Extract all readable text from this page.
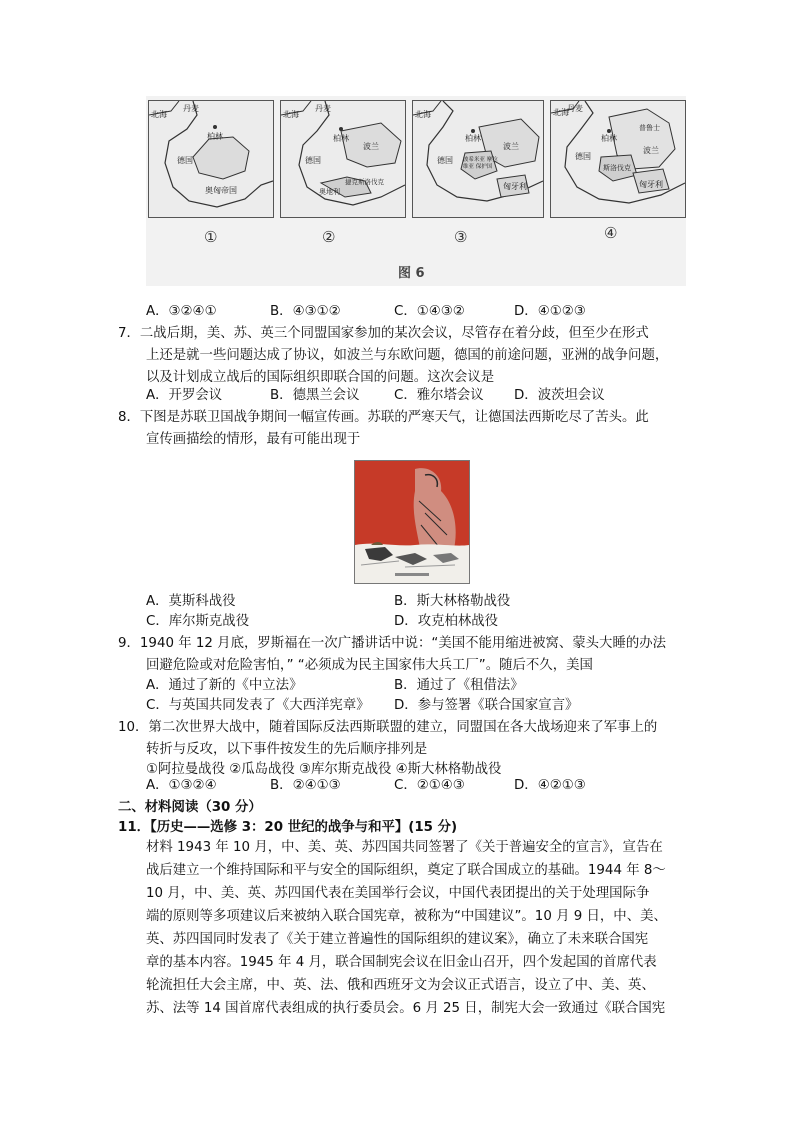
北海
丹麦
柏林
德国
奥匈帝国
北海
丹麦
柏林
德国
波兰
奥地利
捷克斯洛伐克
北海
柏林
德国
波兰
波希米亚 摩拉维亚 保护国
匈牙利
北海
丹麦
柏林
德国
波兰
普鲁士
斯洛伐克
匈牙利
①	②	③	④
图 6
A．③②④①	B．④③①②	C．①④③②	D．④①②③
7．二战后期，美、苏、英三个同盟国家参加的某次会议，尽管存在着分歧，但至少在形式
上还是就一些问题达成了协议，如波兰与东欧问题，德国的前途问题，亚洲的战争问题，
以及计划成立战后的国际组织即联合国的问题。这次会议是
A．开罗会议	B．德黑兰会议	C．雅尔塔会议 D．波茨坦会议
8．下图是苏联卫国战争期间一幅宣传画。苏联的严寒天气，让德国法西斯吃尽了苦头。此
宣传画描绘的情形，最有可能出现于
A．莫斯科战役	B．斯大林格勒战役
C．库尔斯克战役	D．攻克柏林战役
9．1940 年 12 月底，罗斯福在一次广播讲话中说：“美国不能用缩进被窝、蒙头大睡的办法
回避危险或对危险害怕，” “必须成为民主国家伟大兵工厂”。随后不久，美国
A．通过了新的《中立法》	B．通过了《租借法》
C．与英国共同发表了《大西洋宪章》 D．参与签署《联合国家宣言》
10．第二次世界大战中，随着国际反法西斯联盟的建立，同盟国在各大战场迎来了军事上的
转折与反攻，以下事件按发生的先后顺序排列是
①阿拉曼战役 ②瓜岛战役 ③库尔斯克战役 ④斯大林格勒战役
A．①③②④	B．②④①③	C．②①④③	D．④②①③
二、材料阅读（30 分）
11．【历史——选修 3：20 世纪的战争与和平】(15 分)
材料 1943 年 10 月，中、美、英、苏四国共同签署了《关于普遍安全的宣言》，宣告在
战后建立一个维持国际和平与安全的国际组织，奠定了联合国成立的基础。1944 年 8～
10 月，中、美、英、苏四国代表在美国举行会议，中国代表团提出的关于处理国际争
端的原则等多项建议后来被纳入联合国宪章，被称为“中国建议”。10 月 9 日，中、美、
英、苏四国同时发表了《关于建立普遍性的国际组织的建议案》，确立了未来联合国宪
章的基本内容。1945 年 4 月，联合国制宪会议在旧金山召开，四个发起国的首席代表
轮流担任大会主席，中、英、法、俄和西班牙文为会议正式语言，设立了中、美、英、
苏、法等 14 国首席代表组成的执行委员会。6 月 25 日，制宪大会一致通过《联合国宪
